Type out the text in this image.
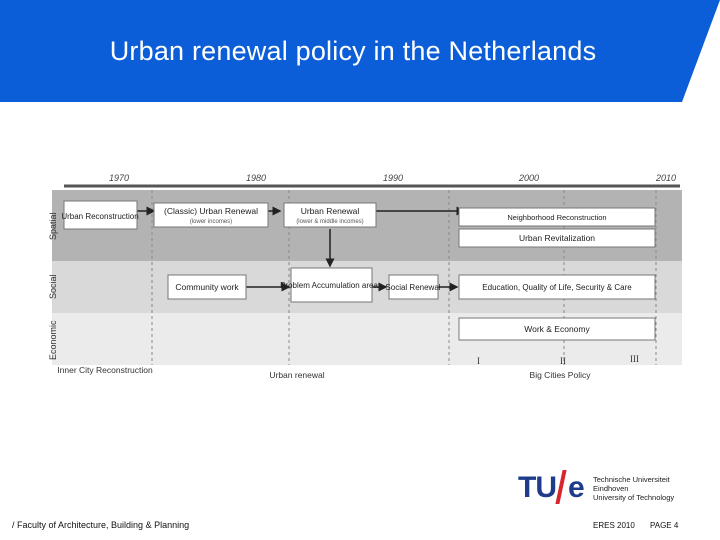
Urban renewal policy in the Netherlands
1970	1980	1990	2000	2010
Spatial
Social
Economic
Urban Reconstruction
(Classic) Urban Renewal
(lower incomes)
Urban Renewal
(lower & middle incomes)	Neighborhood Reconstruction
Urban Revitalization
Community work	Problem Accumulation areas Social Renewal	Education, Quality of Life, Security & Care
Work & Economy
I	II	III
Inner City Reconstruction	Urban renewal	Big Cities Policy
TU e Technische Universiteit
Eindhoven
University of Technology
/ Faculty of Architecture, Building & Planning	ERES 2010 PAGE 4
